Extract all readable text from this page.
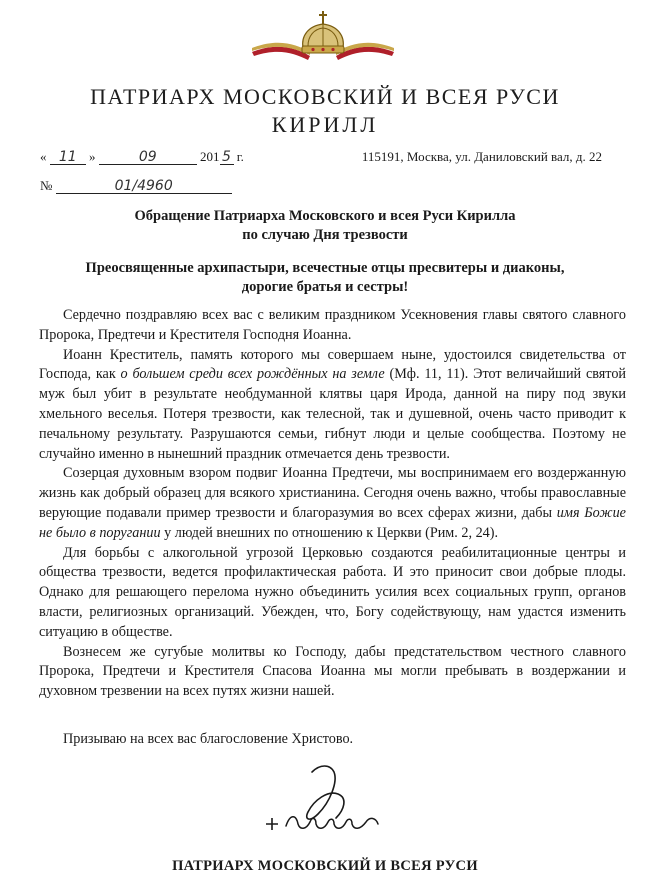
ПАТРИАРХ МОСКОВСКИЙ И ВСЕЯ РУСИ
КИРИЛЛ
« 11 »	09	201 5 г.	115191, Москва, ул. Даниловский вал, д. 22
№	01/4960
Обращение Патриарха Московского и всея Руси Кирилла
по случаю Дня трезвости
Преосвященные архипастыри, всечестные отцы пресвитеры и диаконы,
дорогие братья и сестры!

Сердечно поздравляю всех вас с великим праздником Усекновения главы святого славного Пророка, Предтечи и Крестителя Господня Иоанна.

Иоанн Креститель, память которого мы совершаем ныне, удостоился свидетельства от Господа, как о большем среди всех рождённых на земле (Мф. 11, 11). Этот величайший святой муж был убит в результате необдуманной клятвы царя Ирода, данной на пиру под звуки хмельного веселья. Потеря трезвости, как телесной, так и душевной, очень часто приводит к печальному результату. Разрушаются семьи, гибнут люди и целые сообщества. Поэтому не случайно именно в нынешний праздник отмечается день трезвости.

Созерцая духовным взором подвиг Иоанна Предтечи, мы воспринимаем его воздержанную жизнь как добрый образец для всякого христианина. Сегодня очень важно, чтобы православные верующие подавали пример трезвости и благоразумия во всех сферах жизни, дабы имя Божие не было в поругании у людей внешних по отношению к Церкви (Рим. 2, 24).

Для борьбы с алкогольной угрозой Церковью создаются реабилитационные центры и общества трезвости, ведется профилактическая работа. И это приносит свои добрые плоды. Однако для решающего перелома нужно объединить усилия всех социальных групп, органов власти, религиозных организаций. Убежден, что, Богу содействующу, нам удастся изменить ситуацию в обществе.

Вознесем же сугубые молитвы ко Господу, дабы предстательством честного славного Пророка, Предтечи и Крестителя Спасова Иоанна мы могли пребывать в воздержании и духовном трезвении на всех путях жизни нашей.

Призываю на всех вас благословение Христово.
ПАТРИАРХ МОСКОВСКИЙ И ВСЕЯ РУСИ
